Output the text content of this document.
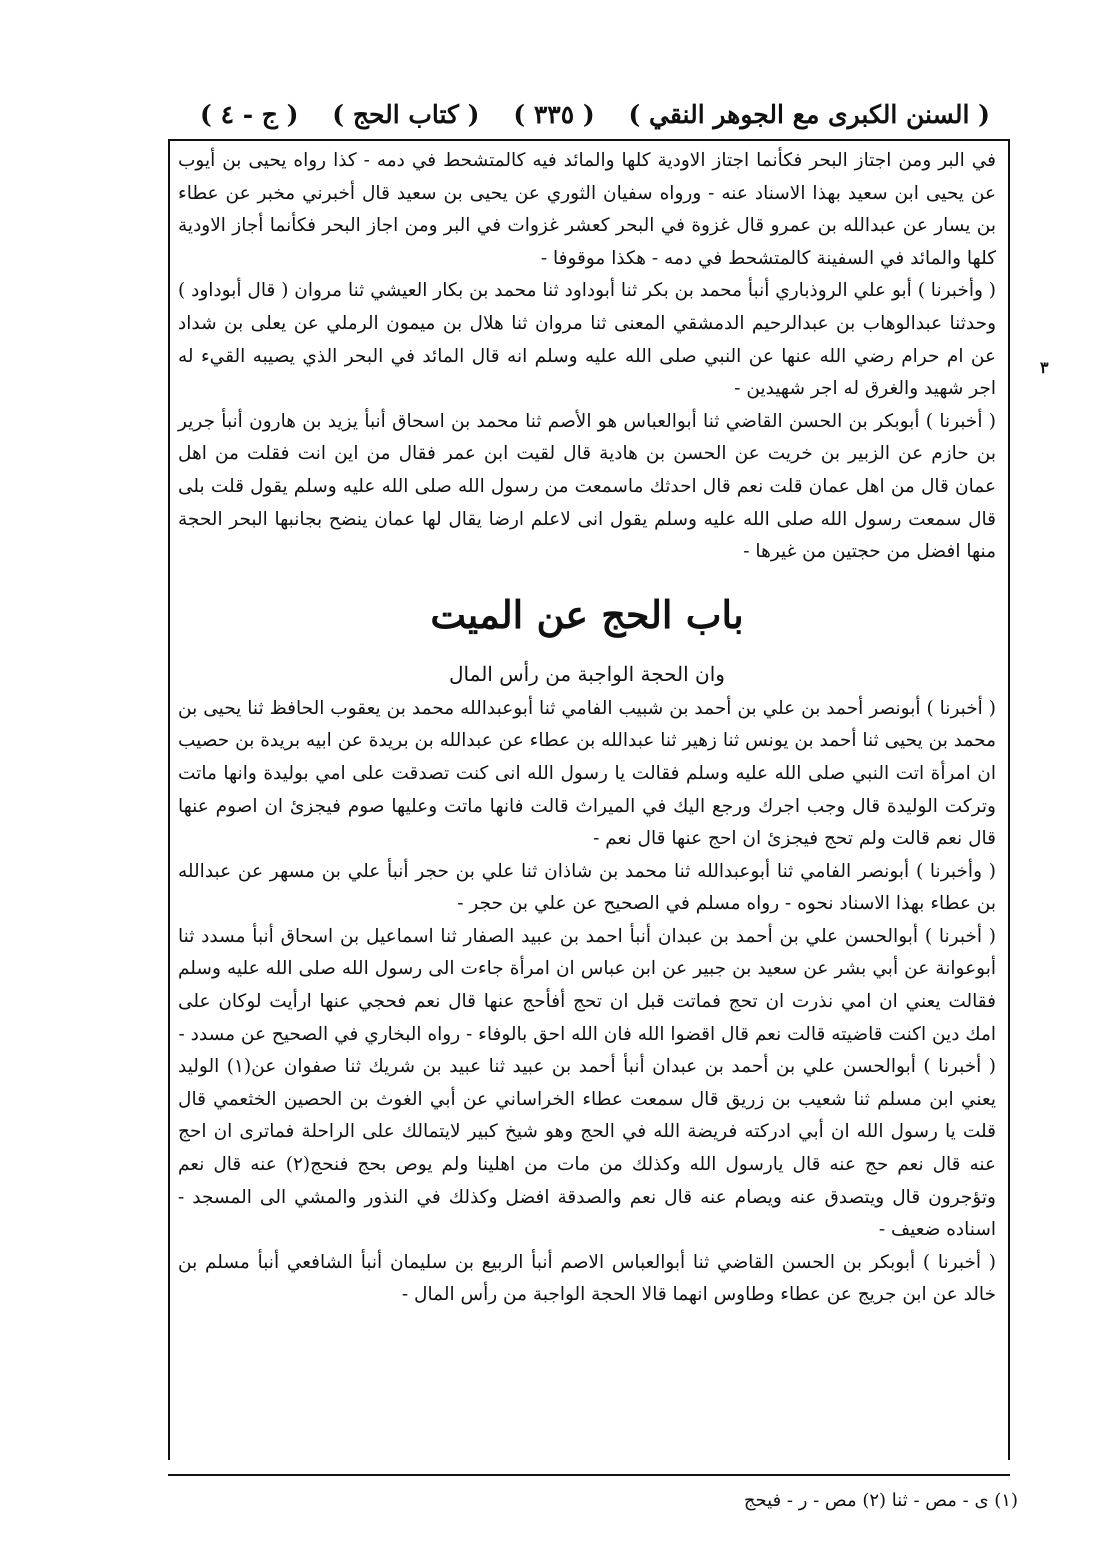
( السنن الكبرى مع الجوهر النقي )
( ٣٣٥ )
( كتاب الحج )
( ج - ٤ )
٣

في البر ومن اجتاز البحر فكأنما اجتاز الاودية كلها والمائد فيه كالمتشحط في دمه - كذا رواه يحيى بن أيوب عن يحيى ابن سعيد بهذا الاسناد عنه - ورواه سفيان الثوري عن يحيى بن سعيد قال أخبرني مخبر عن عطاء بن يسار عن عبدالله بن عمرو قال غزوة في البحر كعشر غزوات في البر ومن اجاز البحر فكأنما أجاز الاودية كلها والمائد في السفينة كالمتشحط في دمه - هكذا موقوفا -

( وأخبرنا ) أبو علي الروذباري أنبأ محمد بن بكر ثنا أبوداود ثنا محمد بن بكار العيشي ثنا مروان ( قال أبوداود ) وحدثنا عبدالوهاب بن عبدالرحيم الدمشقي المعنى ثنا مروان ثنا هلال بن ميمون الرملي عن يعلى بن شداد عن ام حرام رضي الله عنها عن النبي صلى الله عليه وسلم انه قال المائد في البحر الذي يصيبه القيء له اجر شهيد والغرق له اجر شهيدين -

( أخبرنا ) أبوبكر بن الحسن القاضي ثنا أبوالعباس هو الأصم ثنا محمد بن اسحاق أنبأ يزيد بن هارون أنبأ جرير بن حازم عن الزبير بن خريت عن الحسن بن هادية قال لقيت ابن عمر فقال من اين انت فقلت من اهل عمان قال من اهل عمان قلت نعم قال احدثك ماسمعت من رسول الله صلى الله عليه وسلم يقول قلت بلى قال سمعت رسول الله صلى الله عليه وسلم يقول انى لاعلم ارضا يقال لها عمان ينضح بجانبها البحر الحجة منها افضل من حجتين من غيرها -

باب الحج عن الميت
وان الحجة الواجبة من رأس المال

( أخبرنا ) أبونصر أحمد بن علي بن أحمد بن شبيب الفامي ثنا أبوعبدالله محمد بن يعقوب الحافظ ثنا يحيى بن محمد بن يحيى ثنا أحمد بن يونس ثنا زهير ثنا عبدالله بن عطاء عن عبدالله بن بريدة عن ابيه بريدة بن حصيب ان امرأة اتت النبي صلى الله عليه وسلم فقالت يا رسول الله انى كنت تصدقت على امي بوليدة وانها ماتت وتركت الوليدة قال وجب اجرك ورجع اليك في الميراث قالت فانها ماتت وعليها صوم فيجزئ ان اصوم عنها قال نعم قالت ولم تحج فيجزئ ان احج عنها قال نعم -

( وأخبرنا ) أبونصر الفامي ثنا أبوعبدالله ثنا محمد بن شاذان ثنا علي بن حجر أنبأ علي بن مسهر عن عبدالله بن عطاء بهذا الاسناد نحوه - رواه مسلم في الصحيح عن علي بن حجر -

( أخبرنا ) أبوالحسن علي بن أحمد بن عبدان أنبأ احمد بن عبيد الصفار ثنا اسماعيل بن اسحاق أنبأ مسدد ثنا أبوعوانة عن أبي بشر عن سعيد بن جبير عن ابن عباس ان امرأة جاءت الى رسول الله صلى الله عليه وسلم فقالت يعني ان امي نذرت ان تحج فماتت قبل ان تحج أفأحج عنها قال نعم فحجي عنها ارأيت لوكان على امك دين اكنت قاضيته قالت نعم قال اقضوا الله فان الله احق بالوفاء - رواه البخاري في الصحيح عن مسدد -

( أخبرنا ) أبوالحسن علي بن أحمد بن عبدان أنبأ أحمد بن عبيد ثنا عبيد بن شريك ثنا صفوان عن(١) الوليد يعني ابن مسلم ثنا شعيب بن زريق قال سمعت عطاء الخراساني عن أبي الغوث بن الحصين الخثعمي قال قلت يا رسول الله ان أبي ادركته فريضة الله في الحج وهو شيخ كبير لايتمالك على الراحلة فماترى ان احج عنه قال نعم حج عنه قال يارسول الله وكذلك من مات من اهلينا ولم يوص بحج فنحج(٢) عنه قال نعم وتؤجرون قال ويتصدق عنه ويصام عنه قال نعم والصدقة افضل وكذلك في النذور والمشي الى المسجد - اسناده ضعيف -

( أخبرنا ) أبوبكر بن الحسن القاضي ثنا أبوالعباس الاصم أنبأ الربيع بن سليمان أنبأ الشافعي أنبأ مسلم بن خالد عن ابن جريج عن عطاء وطاوس انهما قالا الحجة الواجبة من رأس المال -

(١) ى - مص - ثنا (٢) مص - ر - فيحج
